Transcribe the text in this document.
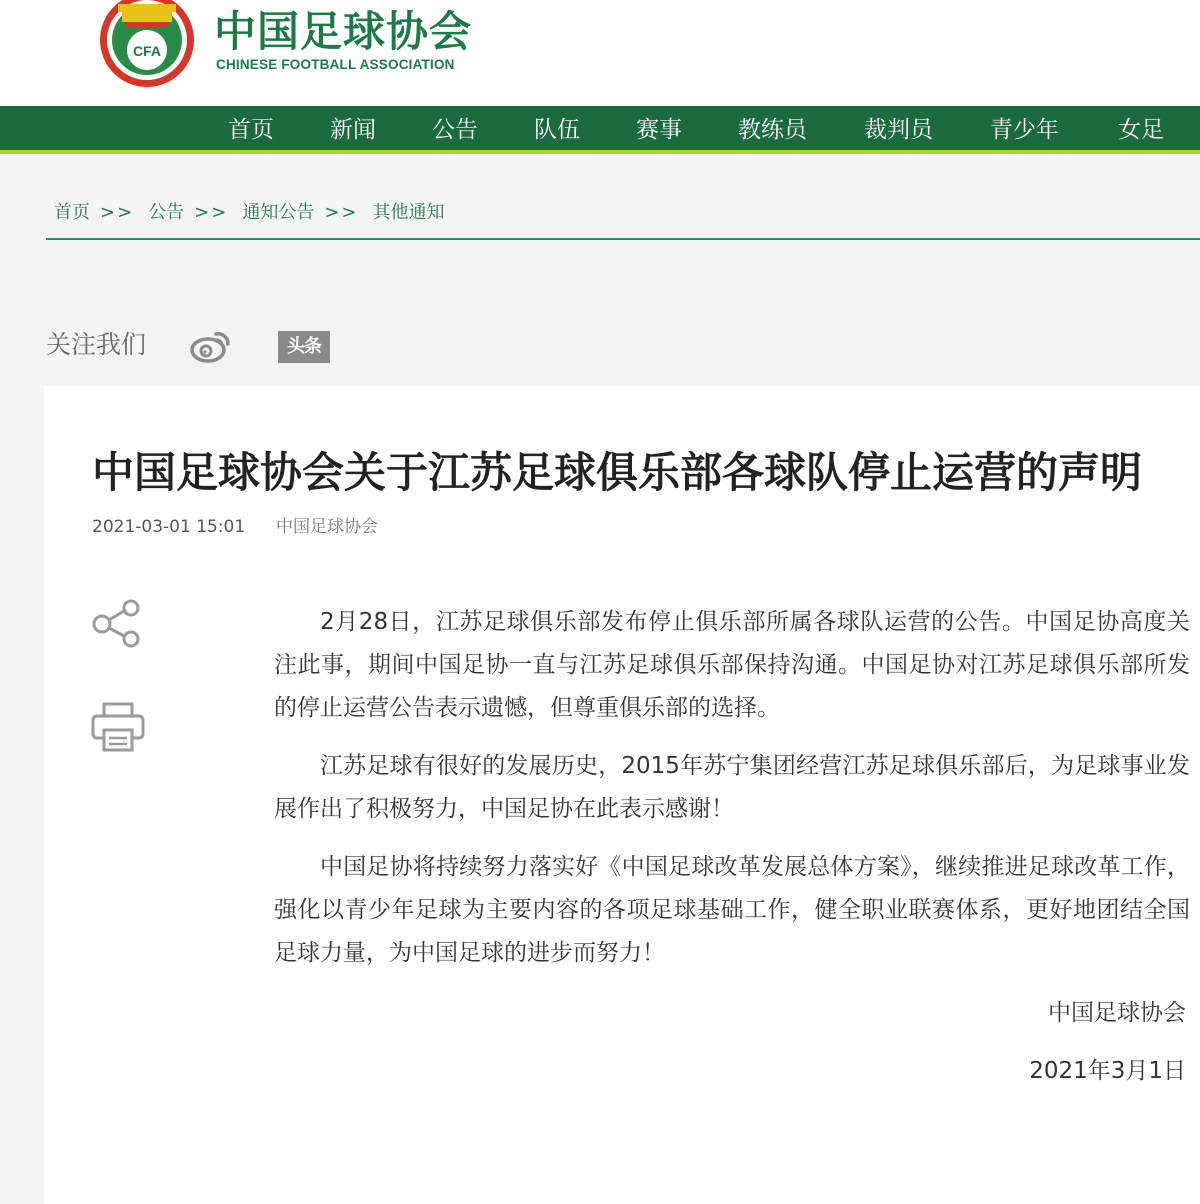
CFA 中国足球协会
CHINESE FOOTBALL ASSOCIATION
首页 新闻 公告 队伍 赛事 教练员 裁判员 青少年	女足
首页 >> 公告 >> 通知公告 >> 其他通知
关注我们	头条
中国足球协会关于江苏足球俱乐部各球队停止运营的声明
2021-03-01 15:01 中国足球协会

2月28日，江苏足球俱乐部发布停止俱乐部所属各球队运营的公告。中国足协高度关注此事，期间中国足协一直与江苏足球俱乐部保持沟通。中国足协对江苏足球俱乐部所发的停止运营公告表示遗憾，但尊重俱乐部的选择。

江苏足球有很好的发展历史，2015年苏宁集团经营江苏足球俱乐部后，为足球事业发展作出了积极努力，中国足协在此表示感谢！

中国足协将持续努力落实好《中国足球改革发展总体方案》，继续推进足球改革工作，强化以青少年足球为主要内容的各项足球基础工作，健全职业联赛体系，更好地团结全国足球力量，为中国足球的进步而努力！

中国足球协会
2021年3月1日
